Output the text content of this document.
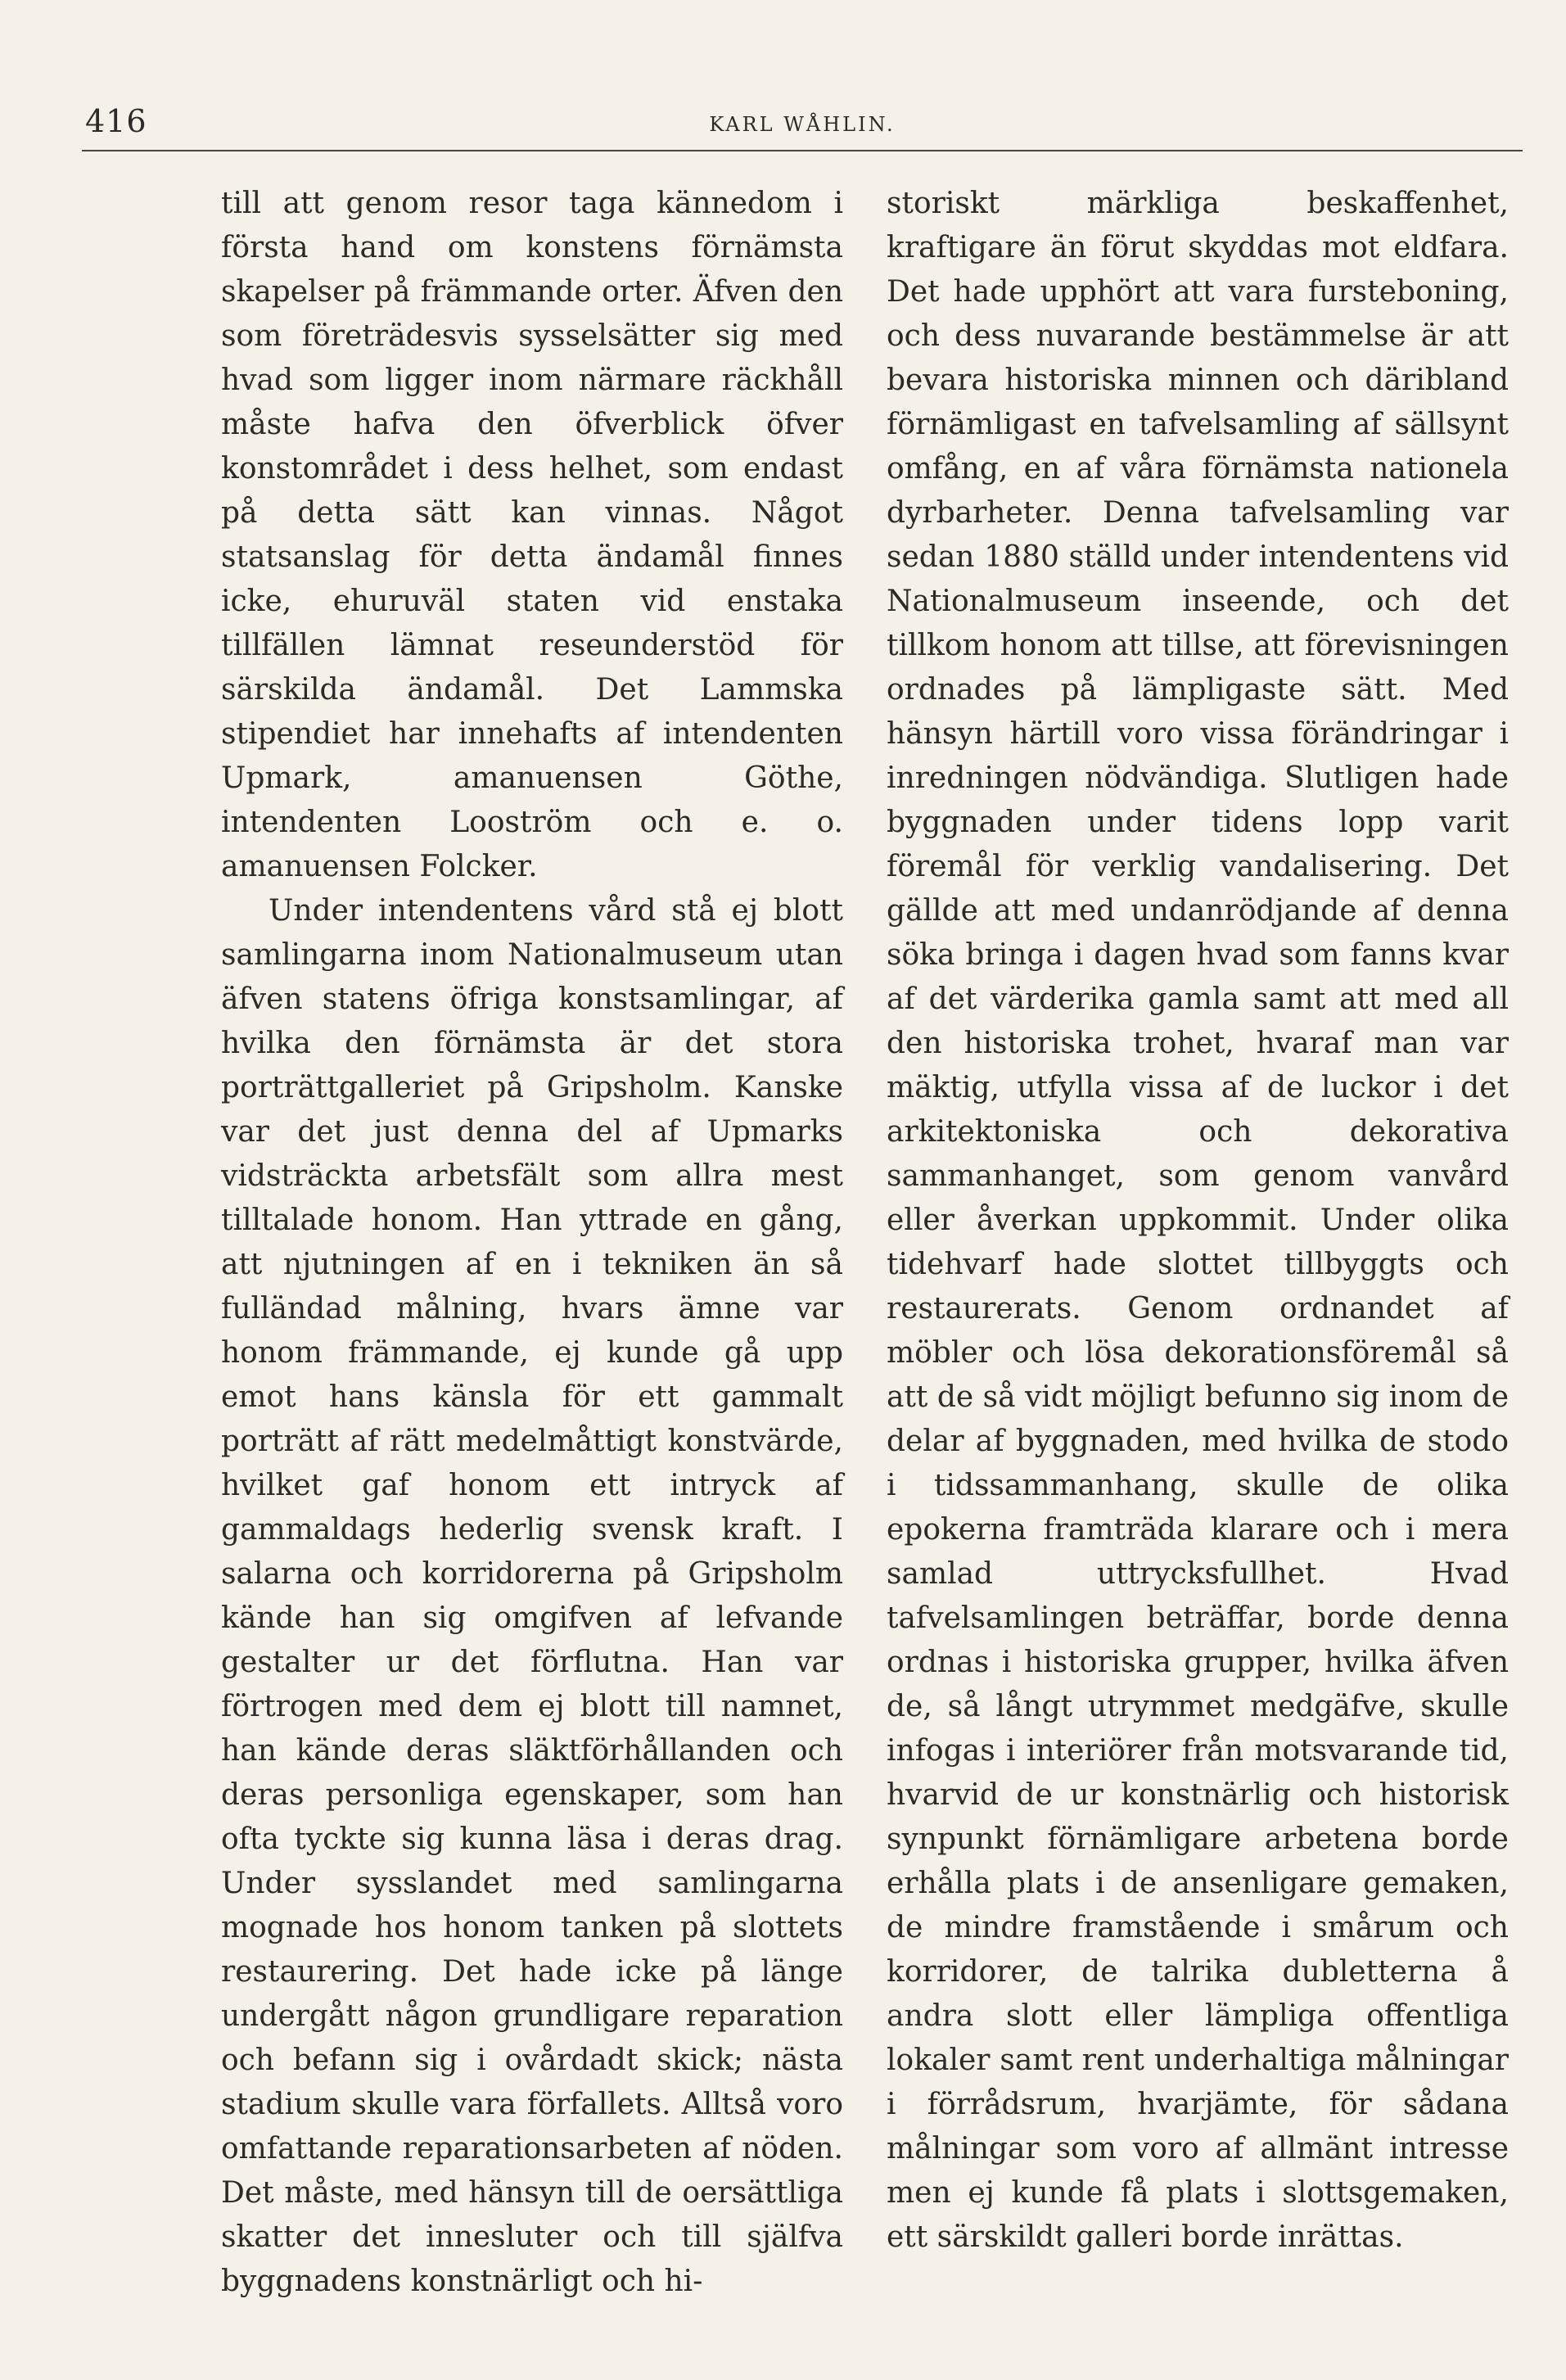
416	KARL WÅHLIN.

till att genom resor taga kännedom i första hand om konstens förnämsta skapelser på främmande orter. Äfven den som företrädesvis sysselsätter sig med hvad som ligger inom närmare räckhåll måste hafva den öfverblick öfver konstområdet i dess helhet, som endast på detta sätt kan vinnas. Något statsanslag för detta ändamål finnes icke, ehuruväl staten vid enstaka tillfällen lämnat reseunderstöd för särskilda ändamål. Det Lammska stipendiet har innehafts af intendenten Upmark, amanuensen Göthe, intendenten Looström och e. o. amanuensen Folcker.

Under intendentens vård stå ej blott samlingarna inom Nationalmuseum utan äfven statens öfriga konstsamlingar, af hvilka den förnämsta är det stora porträttgalleriet på Gripsholm. Kanske var det just denna del af Upmarks vidsträckta arbetsfält som allra mest tilltalade honom. Han yttrade en gång, att njutningen af en i tekniken än så fulländad målning, hvars ämne var honom främmande, ej kunde gå upp emot hans känsla för ett gammalt porträtt af rätt medelmåttigt konstvärde, hvilket gaf honom ett intryck af gammaldags hederlig svensk kraft. I salarna och korridorerna på Gripsholm kände han sig omgifven af lefvande gestalter ur det förflutna. Han var förtrogen med dem ej blott till namnet, han kände deras släktförhållanden och deras personliga egenskaper, som han ofta tyckte sig kunna läsa i deras drag. Under sysslandet med samlingarna mognade hos honom tanken på slottets restaurering. Det hade icke på länge undergått någon grundligare reparation och befann sig i ovårdadt skick; nästa stadium skulle vara förfallets. Alltså voro omfattande reparationsarbeten af nöden. Det måste, med hänsyn till de oersättliga skatter det innesluter och till själfva byggnadens konstnärligt och hi-

storiskt märkliga beskaffenhet, kraftigare än förut skyddas mot eldfara. Det hade upphört att vara furstebonіng, och dess nuvarande bestämmelse är att bevara historiska minnen och däribland förnämligast en tafvelsamling af sällsynt omfång, en af våra förnämsta nationela dyrbarheter. Denna tafvelsamling var sedan 1880 ställd under intendentens vid Nationalmuseum inseende, och det tillkom honom att tillse, att förevisningen ordnades på lämpligaste sätt. Med hänsyn härtill voro vissa förändringar i inredningen nödvändiga. Slutligen hade byggnaden under tidens lopp varit föremål för verklig vandalisering. Det gällde att med undanrödjande af denna söka bringa i dagen hvad som fanns kvar af det värderika gamla samt att med all den historiska trohet, hvaraf man var mäktig, utfylla vissa af de luckor i det arkitektoniska och dekorativa sammanhanget, som genom vanvård eller åverkan uppkommit. Under olika tidehvarf hade slottet tillbyggts och restaurerats. Genom ordnandet af möbler och lösa dekorationsföremål så att de så vidt möjligt befunno sig inom de delar af byggnaden, med hvilka de stodo i tidssammanhang, skulle de olika epokerna framträda klarare och i mera samlad uttrycksfullhet. Hvad tafvelsamlingen beträffar, borde denna ordnas i historiska grupper, hvilka äfven de, så långt utrymmet medgäfve, skulle infogas i interiörer från motsvarande tid, hvarvid de ur konstnärlig och historisk synpunkt förnämligare arbetena borde erhålla plats i de ansenligare gemaken, de mindre framstående i smårum och korridorer, de talrika dubletterna å andra slott eller lämpliga offentliga lokaler samt rent underhaltiga målningar i förrådsrum, hvarjämte, för sådana målningar som voro af allmänt intresse men ej kunde få plats i slottsgemaken, ett särskildt galleri borde inrättas.
